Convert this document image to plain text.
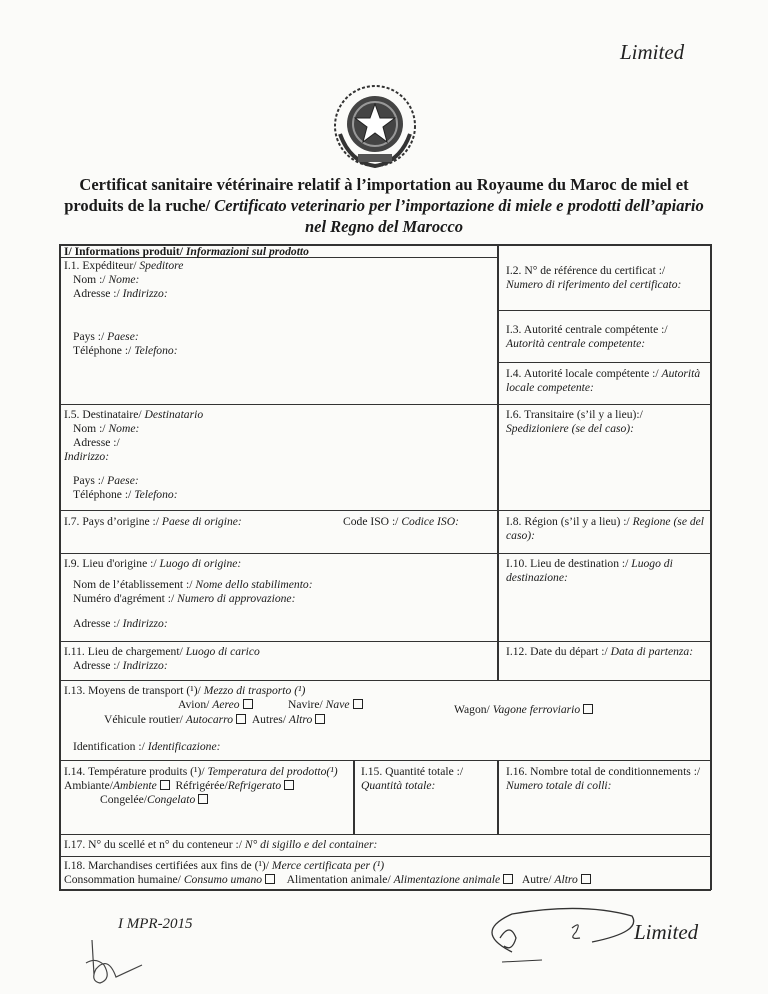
Limited
Certificat sanitaire vétérinaire relatif à l’importation au Royaume du Maroc de miel et produits de la ruche/ Certificato veterinario per l’importazione di miele e prodotti dell’apiario nel Regno del Marocco
I/ Informations produit/ Informazioni sul prodotto
I.1. Expéditeur/ Speditore
Nom :/ Nome:
Adresse :/ Indirizzo:
Pays :/ Paese:
Téléphone :/ Telefono:
I.2. N° de référence du certificat :/ Numero di riferimento del certificato:
I.3. Autorité centrale compétente :/ Autorità centrale competente:
I.4. Autorité locale compétente :/ Autorità locale competente:
I.5. Destinataire/ Destinatario
Nom :/ Nome:
Adresse :/
Indirizzo:
Pays :/ Paese:
Téléphone :/ Telefono:
I.6. Transitaire (s’il y a lieu):/ Spedizioniere (se del caso):
I.7. Pays d’origine :/ Paese di origine:	Code ISO :/ Codice ISO:	I.8. Région (s’il y a lieu) :/ Regione (se del caso):
I.9. Lieu d'origine :/ Luogo di origine:
Nom de l’établissement :/ Nome dello stabilimento:
Numéro d'agrément :/ Numero di approvazione:
Adresse :/ Indirizzo:
I.10. Lieu de destination :/ Luogo di destinazione:
I.11. Lieu de chargement/ Luogo di carico
Adresse :/ Indirizzo:
I.12. Date du départ :/ Data di partenza:
I.13. Moyens de transport (¹)/ Mezzo di trasporto (¹)
Avion/ Aereo	Navire/ Nave	Wagon/ Vagone ferroviario
Véhicule routier/ Autocarro Autres/ Altro
Identification :/ Identificazione:
I.14. Température produits (¹)/ Temperatura del prodotto(¹)
Ambiante/Ambiente Réfrigérée/Refrigerato
Congelée/Congelato
I.15. Quantité totale :/ Quantità totale:
I.16. Nombre total de conditionnements :/ Numero totale di colli:
I.17. N° du scellé et n° du conteneur :/ N° di sigillo e del container:
I.18. Marchandises certifiées aux fins de (¹)/ Merce certificata per (¹)
Consommation humaine/ Consumo umano Alimentation animale/ Alimentazione animale Autre/ Altro
I MPR-2015	Limited
